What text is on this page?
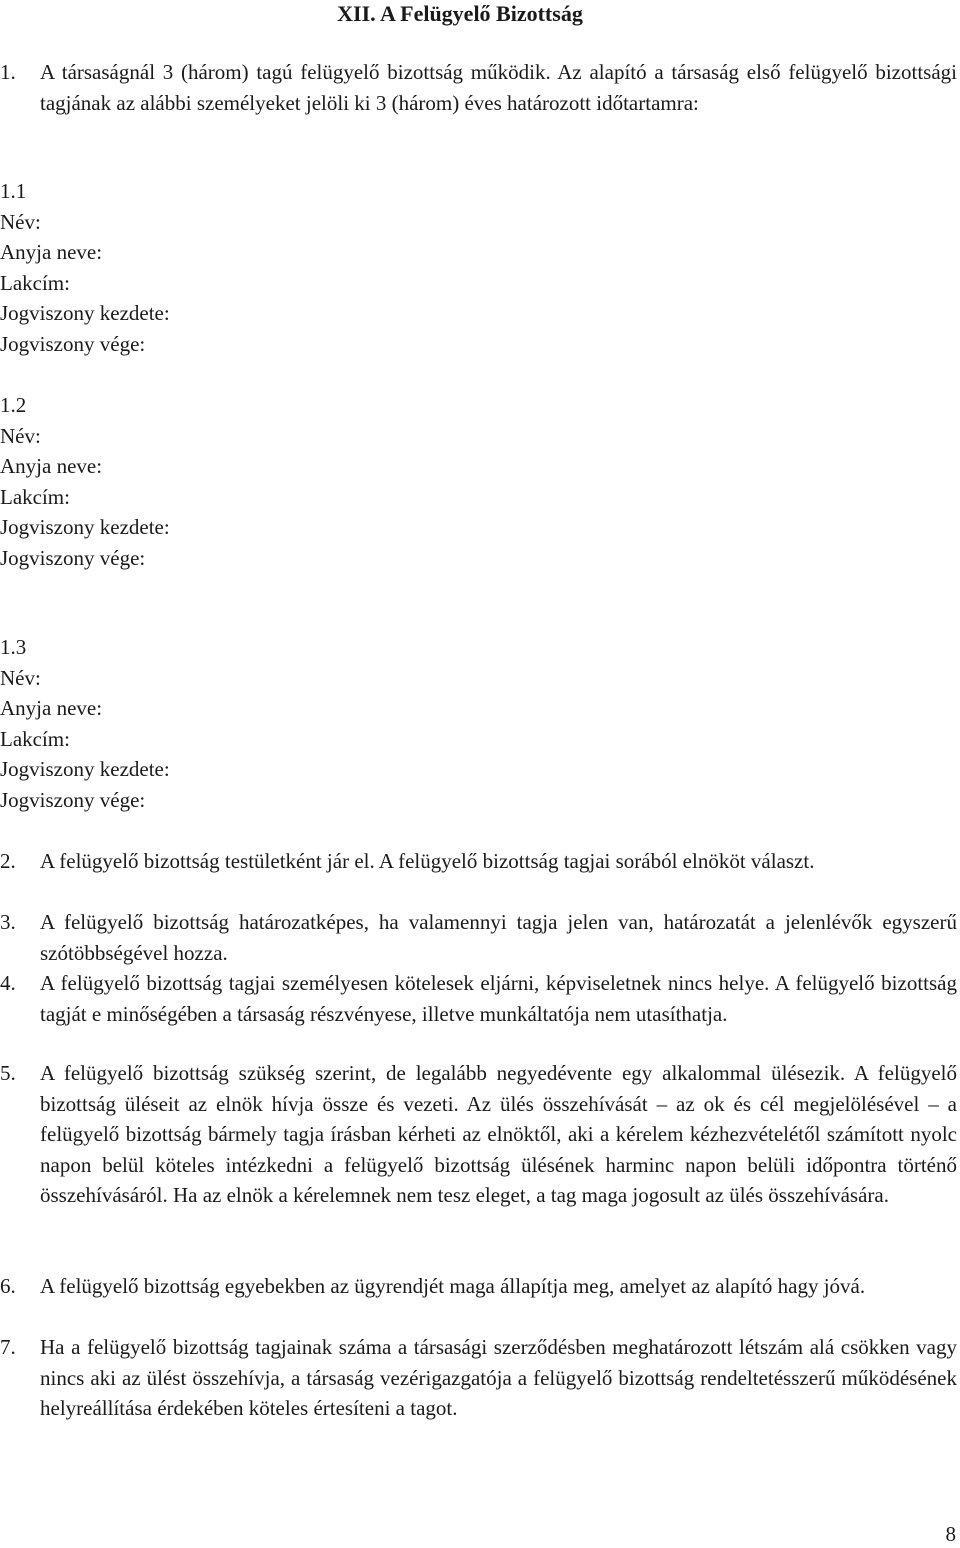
XII. A Felügyelő Bizottság
1. A társaságnál 3 (három) tagú felügyelő bizottság működik. Az alapító a társaság első felügyelő bizottsági tagjának az alábbi személyeket jelöli ki 3 (három) éves határozott időtartamra:
1.1
Név:
Anyja neve:
Lakcím:
Jogviszony kezdete:
Jogviszony vége:
1.2
Név:
Anyja neve:
Lakcím:
Jogviszony kezdete:
Jogviszony vége:
1.3
Név:
Anyja neve:
Lakcím:
Jogviszony kezdete:
Jogviszony vége:
2. A felügyelő bizottság testületként jár el. A felügyelő bizottság tagjai sorából elnököt választ.
3. A felügyelő bizottság határozatképes, ha valamennyi tagja jelen van, határozatát a jelenlévők egyszerű szótöbbségével hozza.
4. A felügyelő bizottság tagjai személyesen kötelesek eljárni, képviseletnek nincs helye. A felügyelő bizottság tagját e minőségében a társaság részvényese, illetve munkáltatója nem utasíthatja.
5. A felügyelő bizottság szükség szerint, de legalább negyedévente egy alkalommal ülésezik. A felügyelő bizottság üléseit az elnök hívja össze és vezeti. Az ülés összehívását – az ok és cél megjelölésével – a felügyelő bizottság bármely tagja írásban kérheti az elnöktől, aki a kérelem kézhezvételétől számított nyolc napon belül köteles intézkedni a felügyelő bizottság ülésének harminc napon belüli időpontra történő összehívásáról. Ha az elnök a kérelemnek nem tesz eleget, a tag maga jogosult az ülés összehívására.
6. A felügyelő bizottság egyebekben az ügyrendjét maga állapítja meg, amelyet az alapító hagy jóvá.
7. Ha a felügyelő bizottság tagjainak száma a társasági szerződésben meghatározott létszám alá csökken vagy nincs aki az ülést összehívja, a társaság vezérigazgatója a felügyelő bizottság rendeltetésszerű működésének helyreállítása érdekében köteles értesíteni a tagot.
8
